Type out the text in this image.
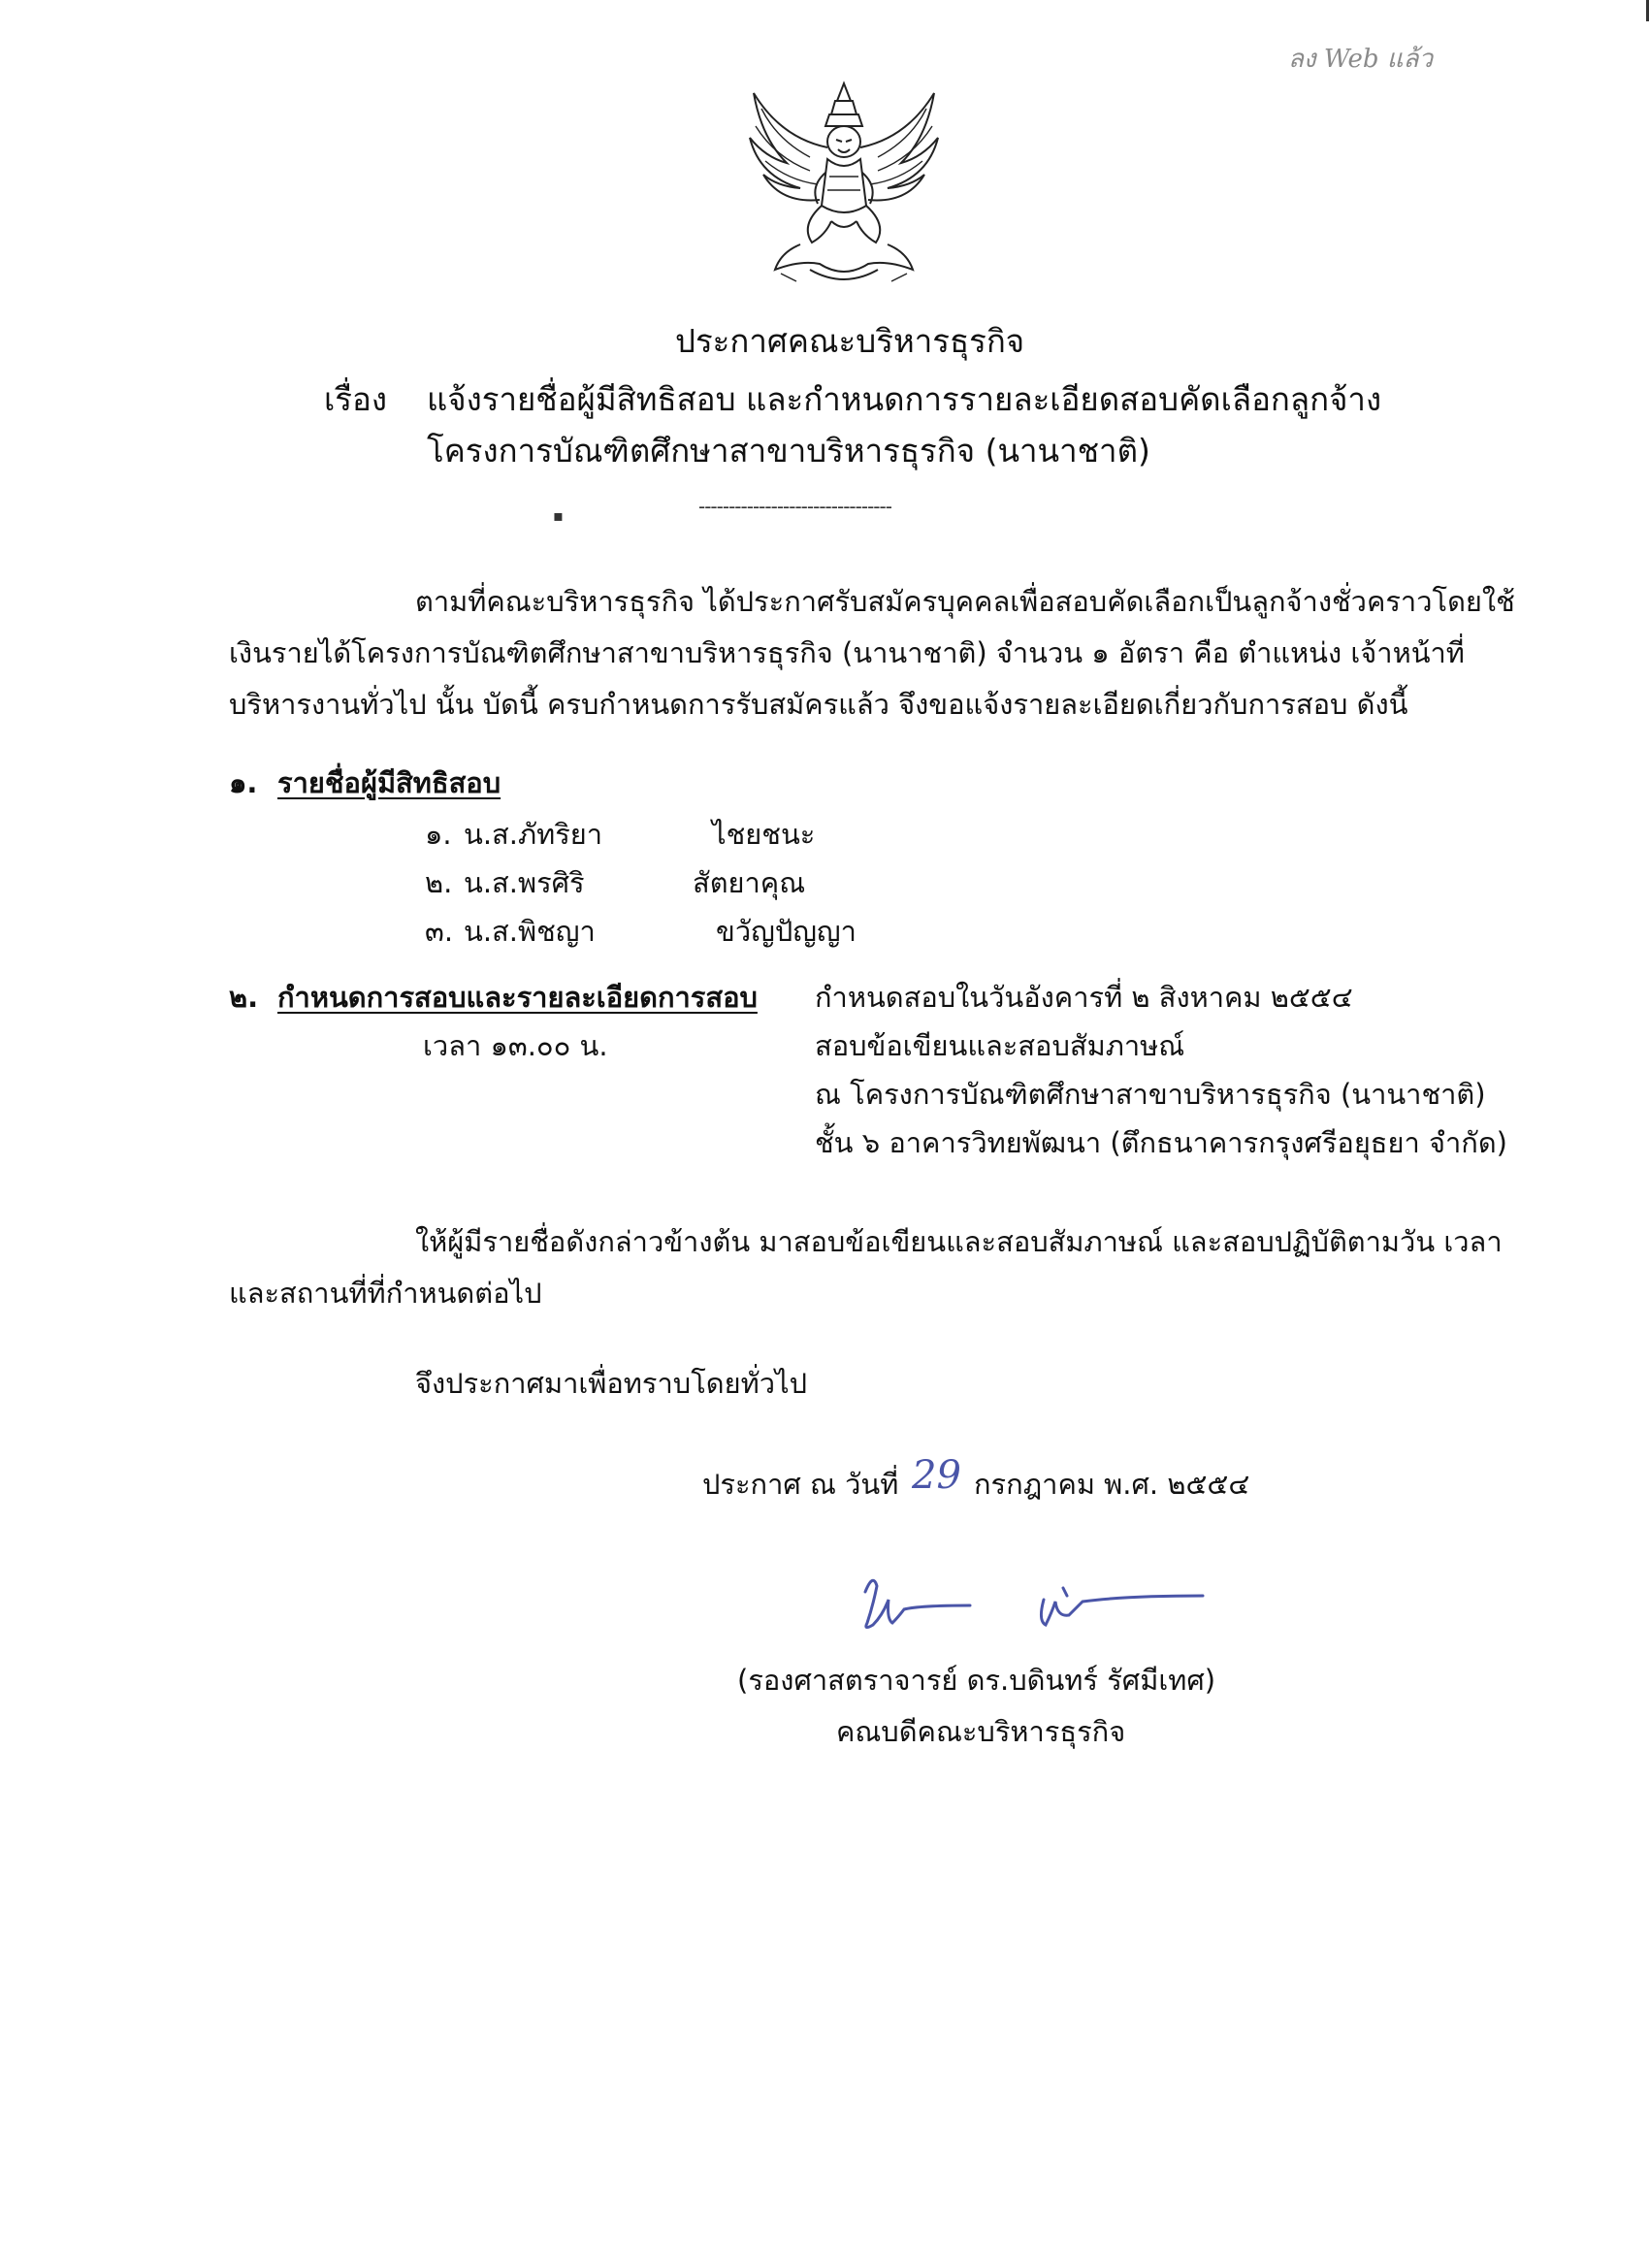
ลง Web แล้ว
ประกาศคณะบริหารธุรกิจ
เรื่อง แจ้งรายชื่อผู้มีสิทธิสอบ และกำหนดการรายละเอียดสอบคัดเลือกลูกจ้าง
โครงการบัณฑิตศึกษาสาขาบริหารธุรกิจ (นานาชาติ)
▪	--------------------------------
ตามที่คณะบริหารธุรกิจ ได้ประกาศรับสมัครบุคคลเพื่อสอบคัดเลือกเป็นลูกจ้างชั่วคราวโดยใช้
เงินรายได้โครงการบัณฑิตศึกษาสาขาบริหารธุรกิจ (นานาชาติ) จำนวน ๑ อัตรา คือ ตำแหน่ง เจ้าหน้าที่
บริหารงานทั่วไป นั้น บัดนี้ ครบกำหนดการรับสมัครแล้ว จึงขอแจ้งรายละเอียดเกี่ยวกับการสอบ ดังนี้
๑. รายชื่อผู้มีสิทธิสอบ
๑. น.ส.ภัทริยา	ไชยชนะ
๒. น.ส.พรศิริ	สัตยาคุณ
๓. น.ส.พิชญา	ขวัญปัญญา
๒. กำหนดการสอบและรายละเอียดการสอบ กำหนดสอบในวันอังคารที่ ๒ สิงหาคม ๒๕๕๔
เวลา ๑๓.๐๐ น.	สอบข้อเขียนและสอบสัมภาษณ์
ณ โครงการบัณฑิตศึกษาสาขาบริหารธุรกิจ (นานาชาติ)
ชั้น ๖ อาคารวิทยพัฒนา (ตึกธนาคารกรุงศรีอยุธยา จำกัด)
ให้ผู้มีรายชื่อดังกล่าวข้างต้น มาสอบข้อเขียนและสอบสัมภาษณ์ และสอบปฏิบัติตามวัน เวลา
และสถานที่ที่กำหนดต่อไป
จึงประกาศมาเพื่อทราบโดยทั่วไป
ประกาศ ณ วันที่ 29 กรกฎาคม พ.ศ. ๒๕๕๔
(รองศาสตราจารย์ ดร.บดินทร์ รัศมีเทศ)
คณบดีคณะบริหารธุรกิจ
